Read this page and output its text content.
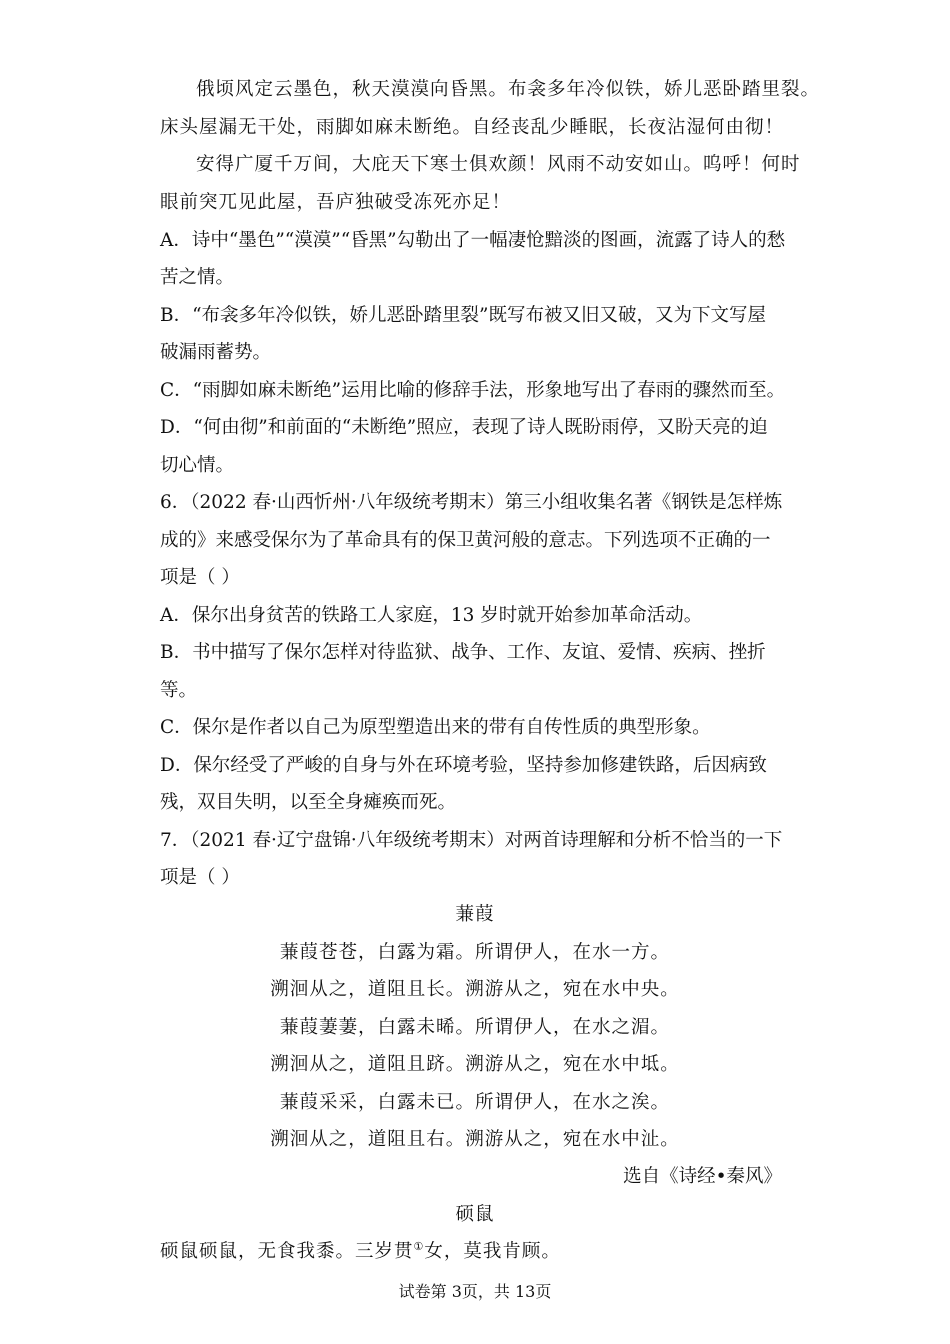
俄顷风定云墨色，秋天漠漠向昏黑。布衾多年冷似铁，娇儿恶卧踏里裂。
床头屋漏无干处，雨脚如麻未断绝。自经丧乱少睡眠，长夜沾湿何由彻！
安得广厦千万间，大庇天下寒士俱欢颜！风雨不动安如山。呜呼！何时
眼前突兀见此屋，吾庐独破受冻死亦足！
A．诗中“墨色”“漠漠”“昏黑”勾勒出了一幅凄怆黯淡的图画，流露了诗人的愁
苦之情。
B．“布衾多年冷似铁，娇儿恶卧踏里裂”既写布被又旧又破，又为下文写屋
破漏雨蓄势。
C．“雨脚如麻未断绝”运用比喻的修辞手法，形象地写出了春雨的骤然而至。
D．“何由彻”和前面的“未断绝”照应，表现了诗人既盼雨停，又盼天亮的迫
切心情。
6．（2022 春·山西忻州·八年级统考期末）第三小组收集名著《钢铁是怎样炼
成的》来感受保尔为了革命具有的保卫黄河般的意志。下列选项不正确的一
项是（ ）
A．保尔出身贫苦的铁路工人家庭，13 岁时就开始参加革命活动。
B．书中描写了保尔怎样对待监狱、战争、工作、友谊、爱情、疾病、挫折
等。
C．保尔是作者以自己为原型塑造出来的带有自传性质的典型形象。
D．保尔经受了严峻的自身与外在环境考验，坚持参加修建铁路，后因病致
残，双目失明，以至全身瘫痪而死。
7．（2021 春·辽宁盘锦·八年级统考期末）对两首诗理解和分析不恰当的一下
项是（ ）
蒹葭
蒹葭苍苍，白露为霜。所谓伊人，在水一方。
溯洄从之，道阻且长。溯游从之，宛在水中央。
蒹葭萋萋，白露未晞。所谓伊人，在水之湄。
溯洄从之，道阻且跻。溯游从之，宛在水中坻。
蒹葭采采，白露未已。所谓伊人，在水之涘。
溯洄从之，道阻且右。溯游从之，宛在水中沚。
选自《诗经•秦风》
硕鼠
硕鼠硕鼠，无食我黍。三岁贯①女，莫我肯顾。
试卷第 3页，共 13页
